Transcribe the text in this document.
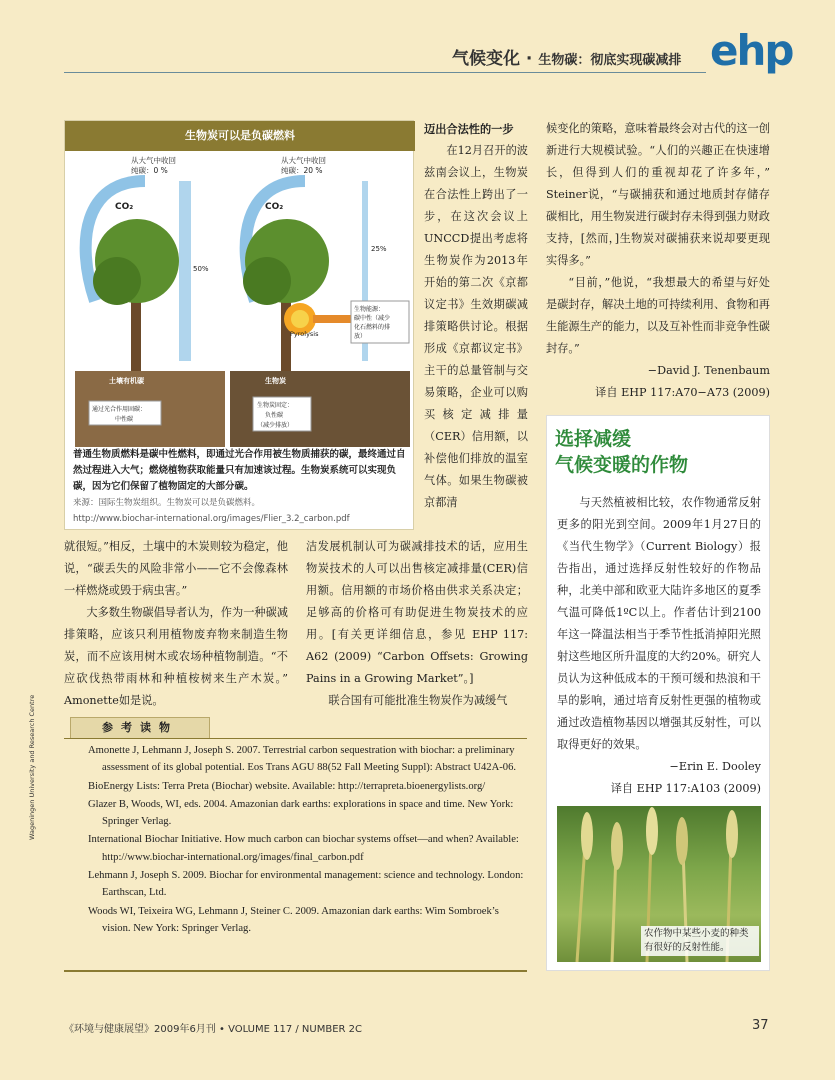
气候变化 · 生物碳：彻底实现碳减排 ehp
生物炭可以是负碳燃料
从大气中收回
纯碳：0 %
从大气中收回
纯碳：20 %
CO₂	CO₂
50%
25%
Pyrolysis
生物能源：
碳中性（减少
化石燃料的排
放）
土壤有机碳	生物炭
通过光合作用固碳：
中性碳
生物炭固定：
负性碳
（减少排放）
普通生物质燃料是碳中性燃料，即通过光合作用被生物质捕获的碳，最终通过自然过程进入大气；燃烧植物获取能量只有加速该过程。生物炭系统可以实现负碳，因为它们保留了植物固定的大部分碳。
来源：国际生物炭组织。生物炭可以是负碳燃料。
http://www.biochar-international.org/images/Flier_3.2_carbon.pdf
迈出合法性的一步
在12月召开的波兹南会议上，生物炭在合法性上跨出了一步，在这次会议上UNCCD提出考虑将生物炭作为2013年开始的第二次《京都议定书》生效期碳减排策略供讨论。根据形成《京都议定书》主干的总量管制与交易策略，企业可以购买核定减排量（CER）信用额，以补偿他们排放的温室气体。如果生物碳被京都清
候变化的策略，意味着最终会对古代的这一创新进行大规模试验。“人们的兴趣正在快速增长，但得到人们的重视却花了许多年，” Steiner说，“与碳捕获和通过地质封存储存碳相比，用生物炭进行碳封存未得到强力财政支持，[然而，]生物炭对碳捕获来说却要更现实得多。”
“目前，”他说，“我想最大的希望与好处是碳封存，解决土地的可持续利用、食物和再生能源生产的能力，以及互补性而非竞争性碳封存。”
−David J. Tenenbaum
译自 EHP 117:A70−A73 (2009)
就很短。”相反，土壤中的木炭则较为稳定，他说，“碳丢失的风险非常小——它不会像森林一样燃烧或毁于病虫害。”
大多数生物碳倡导者认为，作为一种碳减排策略，应该只利用植物废弃物来制造生物炭，而不应该用树木或农场种植物制造。“不应砍伐热带雨林和种植桉树来生产木炭。” Amonette如是说。
洁发展机制认可为碳减排技术的话，应用生物炭技术的人可以出售核定减排量(CER)信用额。信用额的市场价格由供求关系决定；足够高的价格可有助促进生物炭技术的应用。[有关更详细信息，参见 EHP 117: A62 (2009) “Carbon Offsets: Growing Pains in a Growing Market”。]
联合国有可能批准生物炭作为减缓气
参考读物

Amonette J, Lehmann J, Joseph S. 2007. Terrestrial carbon sequestration with biochar: a preliminary assessment of its global potential. Eos Trans AGU 88(52 Fall Meeting Suppl): Abstract U42A-06.

BioEnergy Lists: Terra Preta (Biochar) website. Available: http://terrapreta.bioenergylists.org/

Glazer B, Woods, WI, eds. 2004. Amazonian dark earths: explorations in space and time. New York: Springer Verlag.

International Biochar Initiative. How much carbon can biochar systems offset—and when? Available: http://www.biochar-international.org/images/final_carbon.pdf

Lehmann J, Joseph S. 2009. Biochar for environmental management: science and technology. London: Earthscan, Ltd.

Woods WI, Teixeira WG, Lehmann J, Steiner C. 2009. Amazonian dark earths: Wim Sombroek’s vision. New York: Springer Verlag.

选择减缓
气候变暖的作物
与天然植被相比较，农作物通常反射更多的阳光到空间。2009年1月27日的《当代生物学》（Current Biology）报告指出，通过选择反射性较好的作物品种，北美中部和欧亚大陆许多地区的夏季气温可降低1ºC以上。作者估计到2100年这一降温法相当于季节性抵消掉阳光照射这些地区所升温度的大约20%。研究人员认为这种低成本的干预可缓和热浪和干旱的影响，通过培育反射性更强的植物或通过改造植物基因以增强其反射性，可以取得更好的效果。
−Erin E. Dooley
译自 EHP 117:A103 (2009)
农作物中某些小麦的种类有很好的反射性能。
Wageningen University and Research Centre
《环境与健康展望》2009年6月刊 • VOLUME 117 / NUMBER 2C	37
